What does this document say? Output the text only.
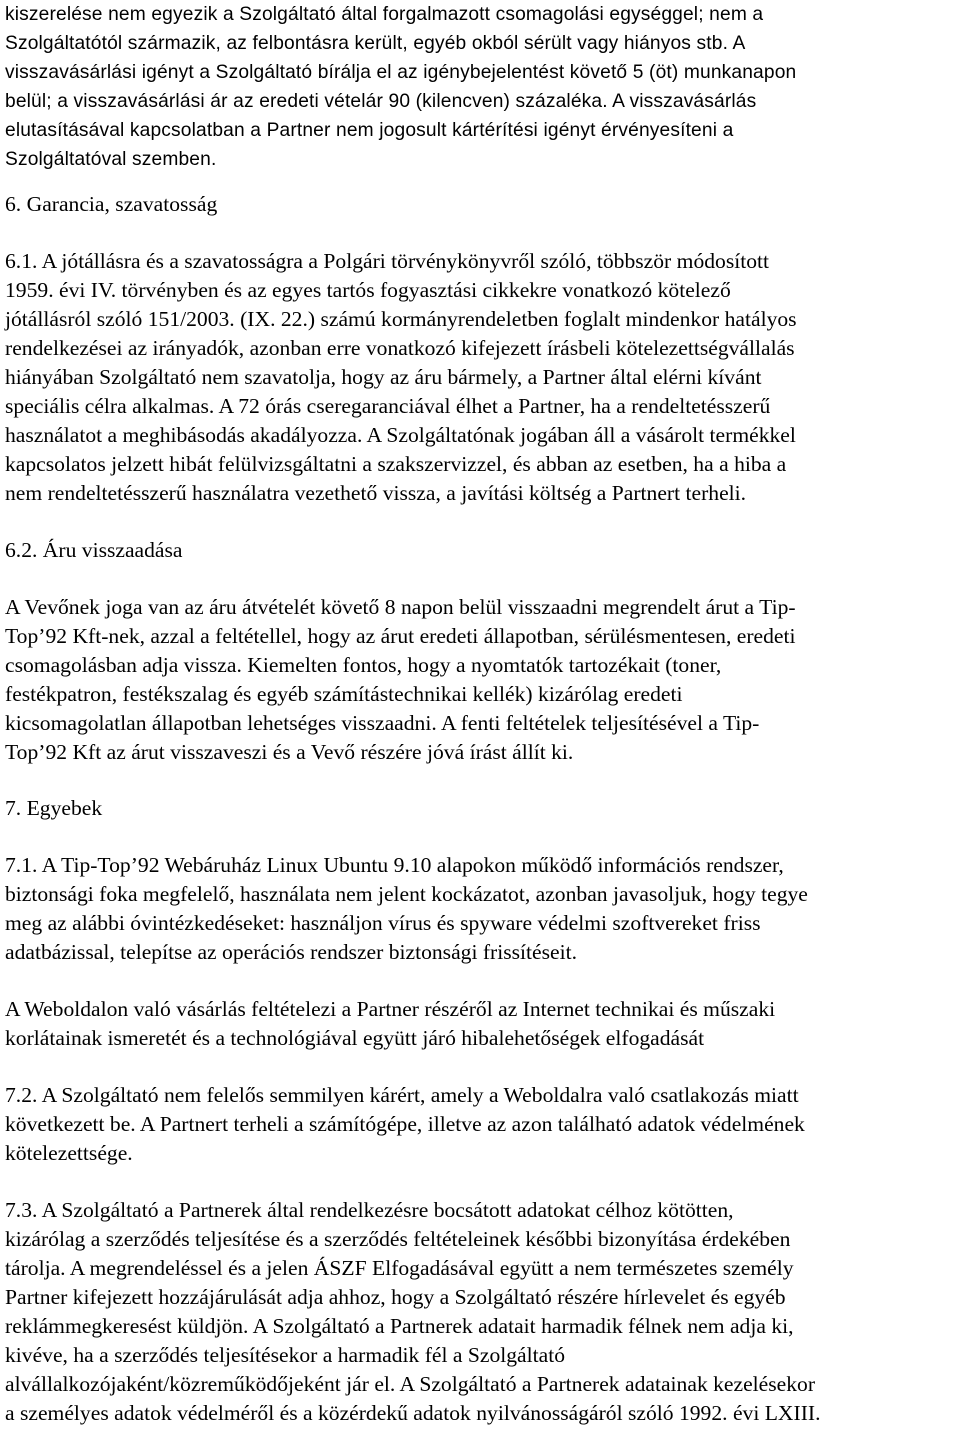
kiszerelése nem egyezik a Szolgáltató által forgalmazott csomagolási egységgel; nem a
Szolgáltatótól származik, az felbontásra került, egyéb okból sérült vagy hiányos stb. A
visszavásárlási igényt a Szolgáltató bírálja el az igénybejelentést követő 5 (öt) munkanapon
belül; a visszavásárlási ár az eredeti vételár 90 (kilencven) százaléka. A visszavásárlás
elutasításával kapcsolatban a Partner nem jogosult kártérítési igényt érvényesíteni a
Szolgáltatóval szemben.

6. Garancia, szavatosság

6.1. A jótállásra és a szavatosságra a Polgári törvénykönyvről szóló, többször módosított
1959. évi IV. törvényben és az egyes tartós fogyasztási cikkekre vonatkozó kötelező
jótállásról szóló 151/2003. (IX. 22.) számú kormányrendeletben foglalt mindenkor hatályos
rendelkezései az irányadók, azonban erre vonatkozó kifejezett írásbeli kötelezettségvállalás
hiányában Szolgáltató nem szavatolja, hogy az áru bármely, a Partner által elérni kívánt
speciális célra alkalmas. A 72 órás cseregaranciával élhet a Partner, ha a rendeltetésszerű
használatot a meghibásodás akadályozza. A Szolgáltatónak jogában áll a vásárolt termékkel
kapcsolatos jelzett hibát felülvizsgáltatni a szakszervizzel, és abban az esetben, ha a hiba a
nem rendeltetésszerű használatra vezethető vissza, a javítási költség a Partnert terheli.

6.2. Áru visszaadása

A Vevőnek joga van az áru átvételét követő 8 napon belül visszaadni megrendelt árut a Tip-
Top’92 Kft-nek, azzal a feltétellel, hogy az árut eredeti állapotban, sérülésmentesen, eredeti
csomagolásban adja vissza. Kiemelten fontos, hogy a nyomtatók tartozékait (toner,
festékpatron, festékszalag és egyéb számítástechnikai kellék) kizárólag eredeti
kicsomagolatlan állapotban lehetséges visszaadni. A fenti feltételek teljesítésével a Tip-
Top’92 Kft az árut visszaveszi és a Vevő részére jóvá írást állít ki.

7. Egyebek

7.1. A Tip-Top’92 Webáruház Linux Ubuntu 9.10 alapokon működő információs rendszer,
biztonsági foka megfelelő, használata nem jelent kockázatot, azonban javasoljuk, hogy tegye
meg az alábbi óvintézkedéseket: használjon vírus és spyware védelmi szoftvereket friss
adatbázissal, telepítse az operációs rendszer biztonsági frissítéseit.

A Weboldalon való vásárlás feltételezi a Partner részéről az Internet technikai és műszaki
korlátainak ismeretét és a technológiával együtt járó hibalehetőségek elfogadását

7.2. A Szolgáltató nem felelős semmilyen kárért, amely a Weboldalra való csatlakozás miatt
következett be. A Partnert terheli a számítógépe, illetve az azon található adatok védelmének
kötelezettsége.

7.3. A Szolgáltató a Partnerek által rendelkezésre bocsátott adatokat célhoz kötötten,
kizárólag a szerződés teljesítése és a szerződés feltételeinek későbbi bizonyítása érdekében
tárolja. A megrendeléssel és a jelen ÁSZF Elfogadásával együtt a nem természetes személy
Partner kifejezett hozzájárulását adja ahhoz, hogy a Szolgáltató részére hírlevelet és egyéb
reklámmegkeresést küldjön. A Szolgáltató a Partnerek adatait harmadik félnek nem adja ki,
kivéve, ha a szerződés teljesítésekor a harmadik fél a Szolgáltató
alvállalkozójaként/közreműködőjeként jár el. A Szolgáltató a Partnerek adatainak kezelésekor
a személyes adatok védelméről és a közérdekű adatok nyilvánosságáról szóló 1992. évi LXIII.
